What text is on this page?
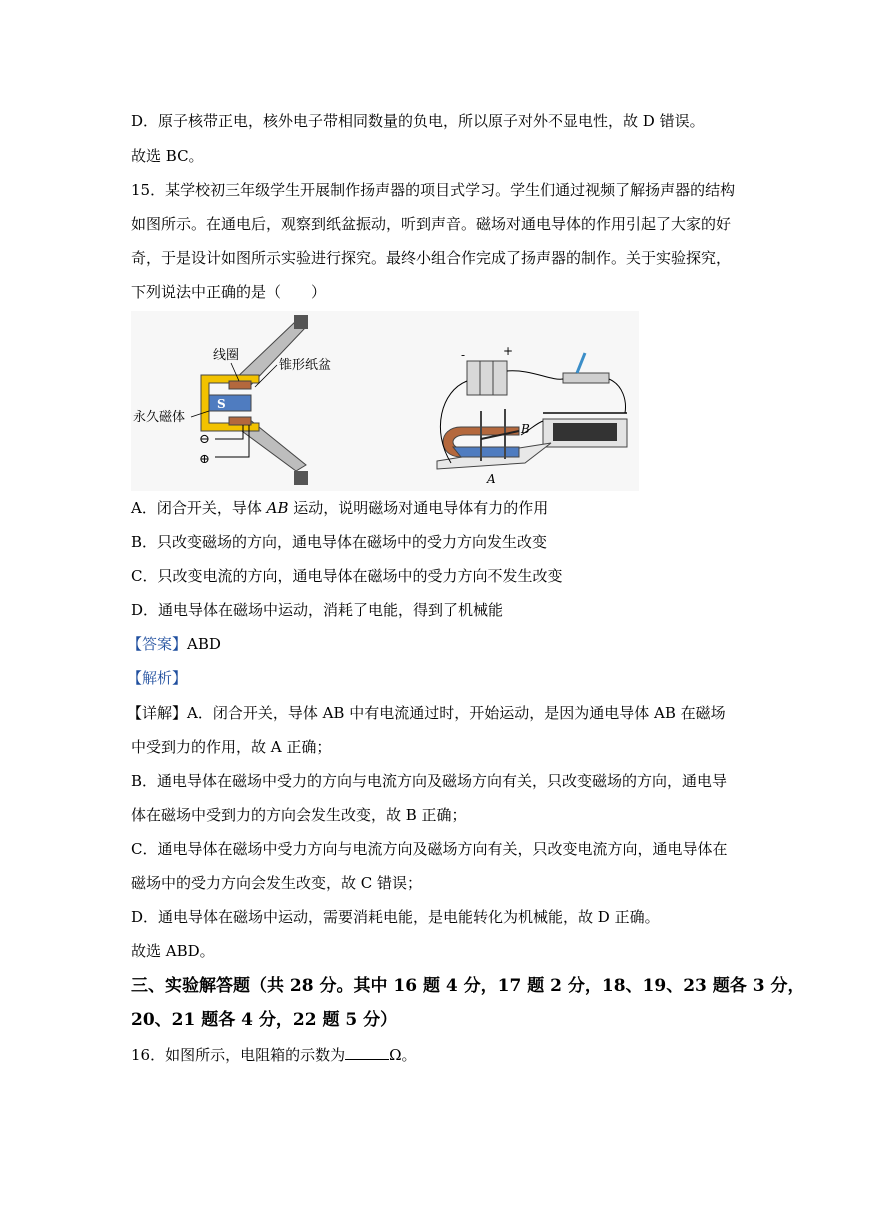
D．原子核带正电，核外电子带相同数量的负电，所以原子对外不显电性，故 D 错误。
故选 BC。
15．某学校初三年级学生开展制作扬声器的项目式学习。学生们通过视频了解扬声器的结构
如图所示。在通电后，观察到纸盆振动，听到声音。磁场对通电导体的作用引起了大家的好
奇，于是设计如图所示实验进行探究。最终小组合作完成了扬声器的制作。关于实验探究，
下列说法中正确的是（　　）
S
⊖
⊕
线圈
锥形纸盆
永久磁体
-	+
B
A
A．闭合开关，导体 AB 运动，说明磁场对通电导体有力的作用
B．只改变磁场的方向，通电导体在磁场中的受力方向发生改变
C．只改变电流的方向，通电导体在磁场中的受力方向不发生改变
D．通电导体在磁场中运动，消耗了电能，得到了机械能
【答案】ABD
【解析】
【详解】A．闭合开关，导体 AB 中有电流通过时，开始运动，是因为通电导体 AB 在磁场
中受到力的作用，故 A 正确；
B．通电导体在磁场中受力的方向与电流方向及磁场方向有关，只改变磁场的方向，通电导
体在磁场中受到力的方向会发生改变，故 B 正确；
C．通电导体在磁场中受力方向与电流方向及磁场方向有关，只改变电流方向，通电导体在
磁场中的受力方向会发生改变，故 C 错误；
D．通电导体在磁场中运动，需要消耗电能，是电能转化为机械能，故 D 正确。
故选 ABD。
三、实验解答题（共 28 分。其中 16 题 4 分，17 题 2 分，18、19、23 题各 3 分，
20、21 题各 4 分，22 题 5 分）
16．如图所示，电阻箱的示数为	Ω。
